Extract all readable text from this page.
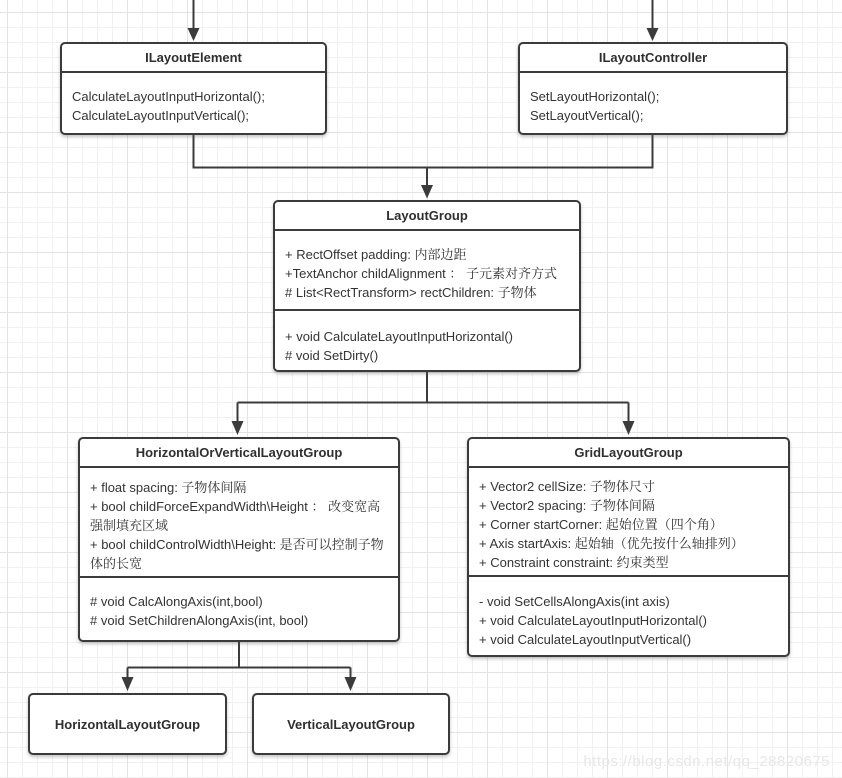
ILayoutElement
CalculateLayoutInputHorizontal();
CalculateLayoutInputVertical();
ILayoutController
SetLayoutHorizontal();
SetLayoutVertical();
LayoutGroup
+ RectOffset padding: 内部边距
+TextAnchor childAlignment ： 子元素对齐方式
# List<RectTransform> rectChildren: 子物体
+ void CalculateLayoutInputHorizontal()
# void SetDirty()
HorizontalOrVerticalLayoutGroup
+ float spacing: 子物体间隔
+ bool childForceExpandWidth\Height ： 改变宽高强制填充区域
+ bool childControlWidth\Height: 是否可以控制子物体的长宽
# void CalcAlongAxis(int,bool)
# void SetChildrenAlongAxis(int, bool)
GridLayoutGroup
+ Vector2 cellSize: 子物体尺寸
+ Vector2 spacing: 子物体间隔
+ Corner startCorner: 起始位置（四个角）
+ Axis startAxis: 起始轴（优先按什么轴排列）
+ Constraint constraint: 约束类型
- void SetCellsAlongAxis(int axis)
+ void CalculateLayoutInputHorizontal()
+ void CalculateLayoutInputVertical()
HorizontalLayoutGroup	VerticalLayoutGroup
https://blog.csdn.net/qq_28820675
